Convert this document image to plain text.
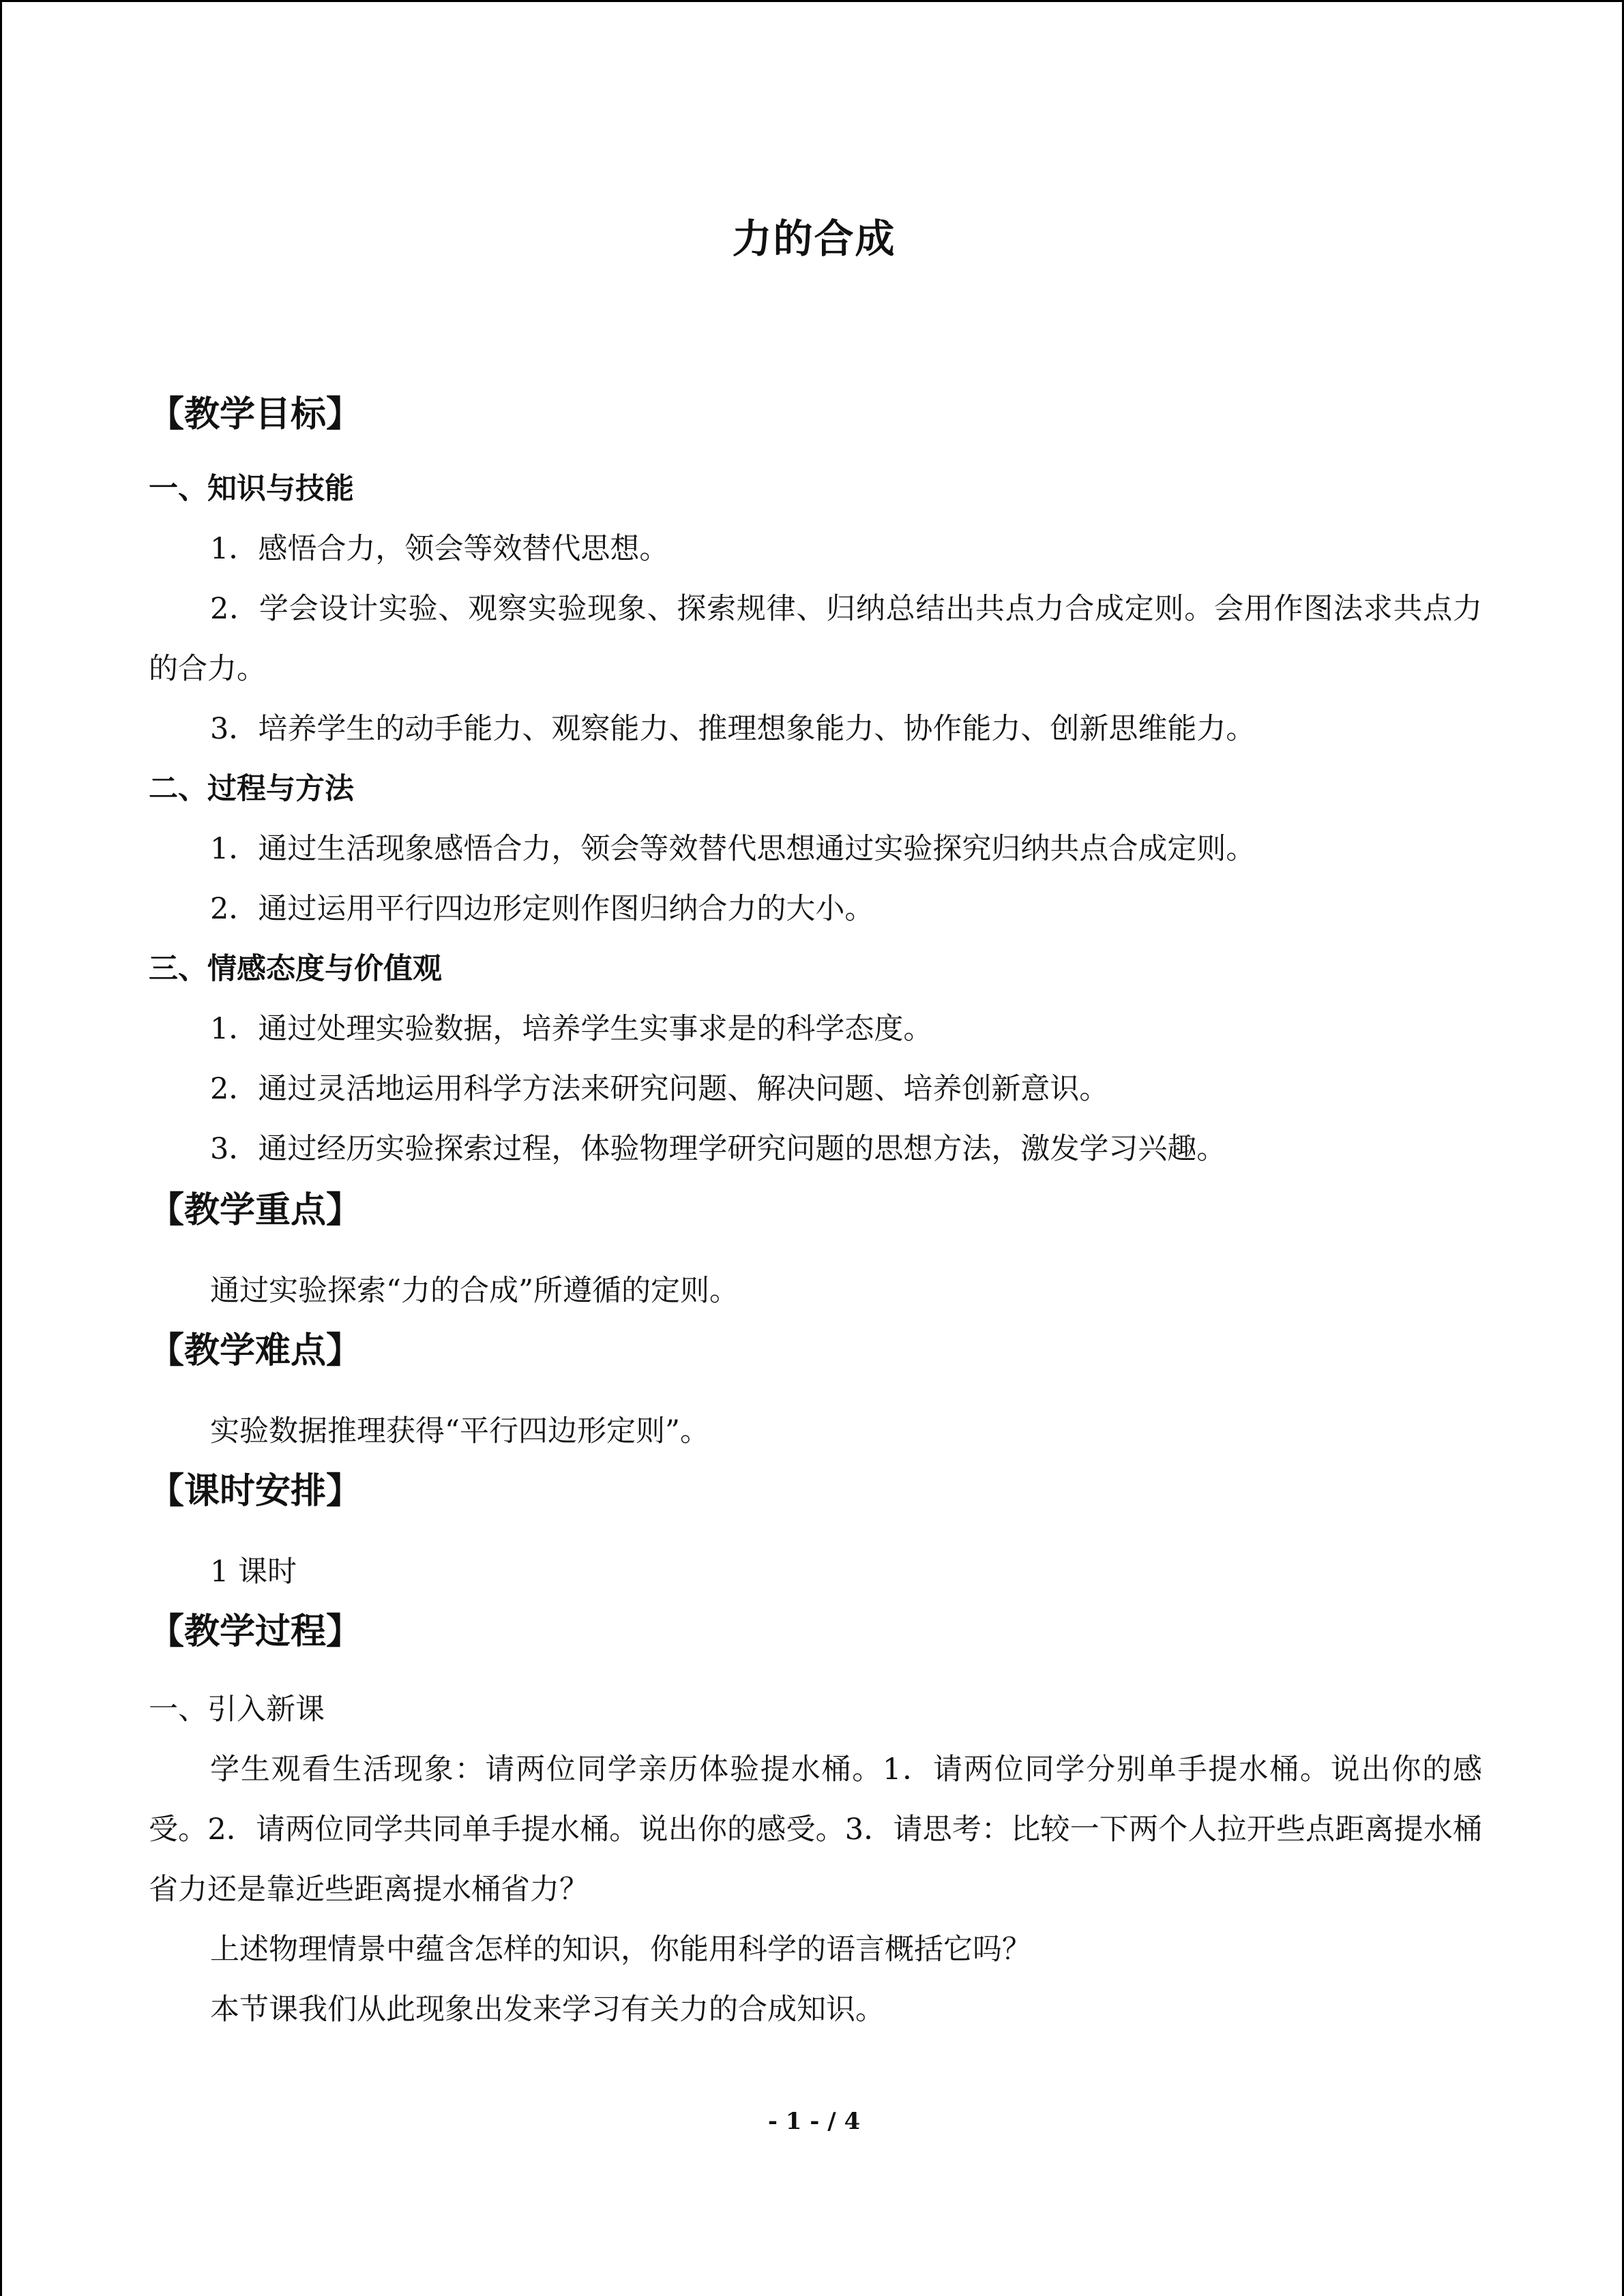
力的合成
【教学目标】
一、知识与技能

1．感悟合力，领会等效替代思想。

2．学会设计实验、观察实验现象、探索规律、归纳总结出共点力合成定则。会用作图法求共点力的合力。

3．培养学生的动手能力、观察能力、推理想象能力、协作能力、创新思维能力。

二、过程与方法

1．通过生活现象感悟合力，领会等效替代思想通过实验探究归纳共点合成定则。

2．通过运用平行四边形定则作图归纳合力的大小。

三、情感态度与价值观

1．通过处理实验数据，培养学生实事求是的科学态度。

2．通过灵活地运用科学方法来研究问题、解决问题、培养创新意识。

3．通过经历实验探索过程，体验物理学研究问题的思想方法，激发学习兴趣。

【教学重点】

通过实验探索“力的合成”所遵循的定则。

【教学难点】

实验数据推理获得“平行四边形定则”。

【课时安排】

1 课时

【教学过程】
一、引入新课

学生观看生活现象：请两位同学亲历体验提水桶。1．请两位同学分别单手提水桶。说出你的感受。2．请两位同学共同单手提水桶。说出你的感受。3．请思考：比较一下两个人拉开些点距离提水桶省力还是靠近些距离提水桶省力？

上述物理情景中蕴含怎样的知识，你能用科学的语言概括它吗？

本节课我们从此现象出发来学习有关力的合成知识。

- 1 - / 4
